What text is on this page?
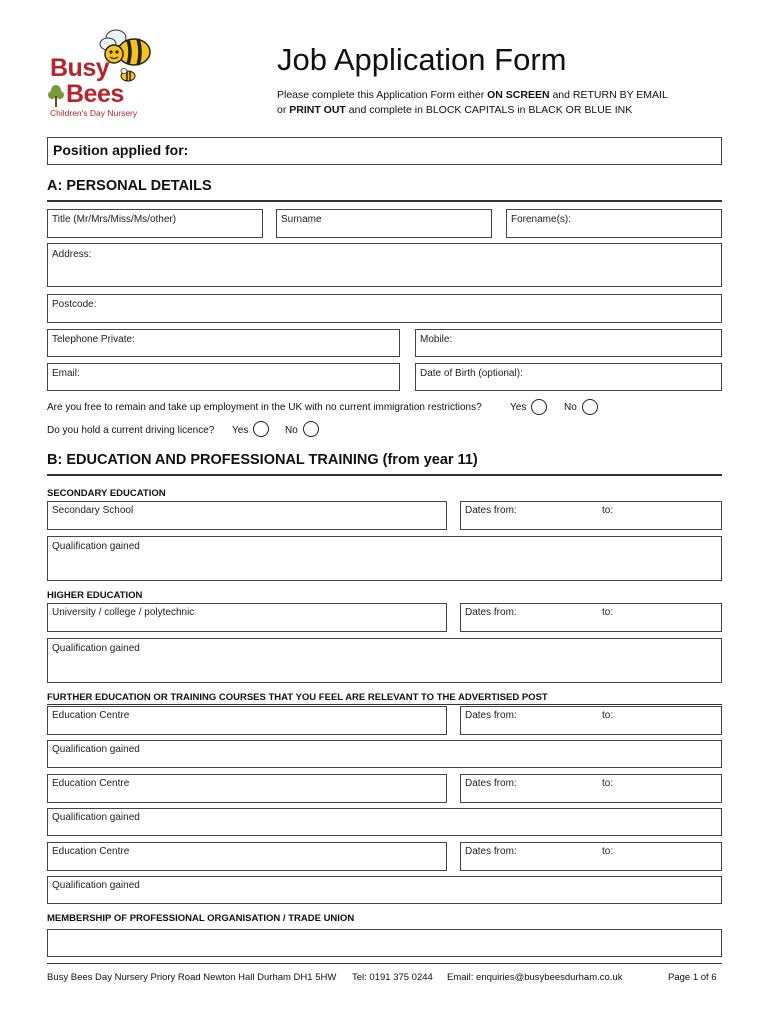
Busy
Bees
Children's Day Nursery
Job Application Form
Please complete this Application Form either ON SCREEN and RETURN BY EMAIL
or PRINT OUT and complete in BLOCK CAPITALS in BLACK OR BLUE INK
Position applied for:
A: PERSONAL DETAILS
Title (Mr/Mrs/Miss/Ms/other)	Surname	Forename(s):
Address:
Postcode:
Telephone Private:	Mobile:
Email:	Date of Birth (optional):
Are you free to remain and take up employment in the UK with no current immigration restrictions?	Yes	No
Do you hold a current driving licence? Yes	No
B: EDUCATION AND PROFESSIONAL TRAINING (from year 11)
SECONDARY EDUCATION
Secondary School	Dates from:	to:
Qualification gained
HIGHER EDUCATION
University / college / polytechnic	Dates from:	to:
Qualification gained
FURTHER EDUCATION OR TRAINING COURSES THAT YOU FEEL ARE RELEVANT TO THE ADVERTISED POST
Education Centre	Dates from:	to:
Qualification gained
Education Centre	Dates from:	to:
Qualification gained
Education Centre	Dates from:	to:
Qualification gained
MEMBERSHIP OF PROFESSIONAL ORGANISATION / TRADE UNION
Busy Bees Day Nursery Priory Road Newton Hall Durham DH1 5HW Tel: 0191 375 0244 Email: enquiries@busybeesdurham.co.uk	Page 1 of 6
